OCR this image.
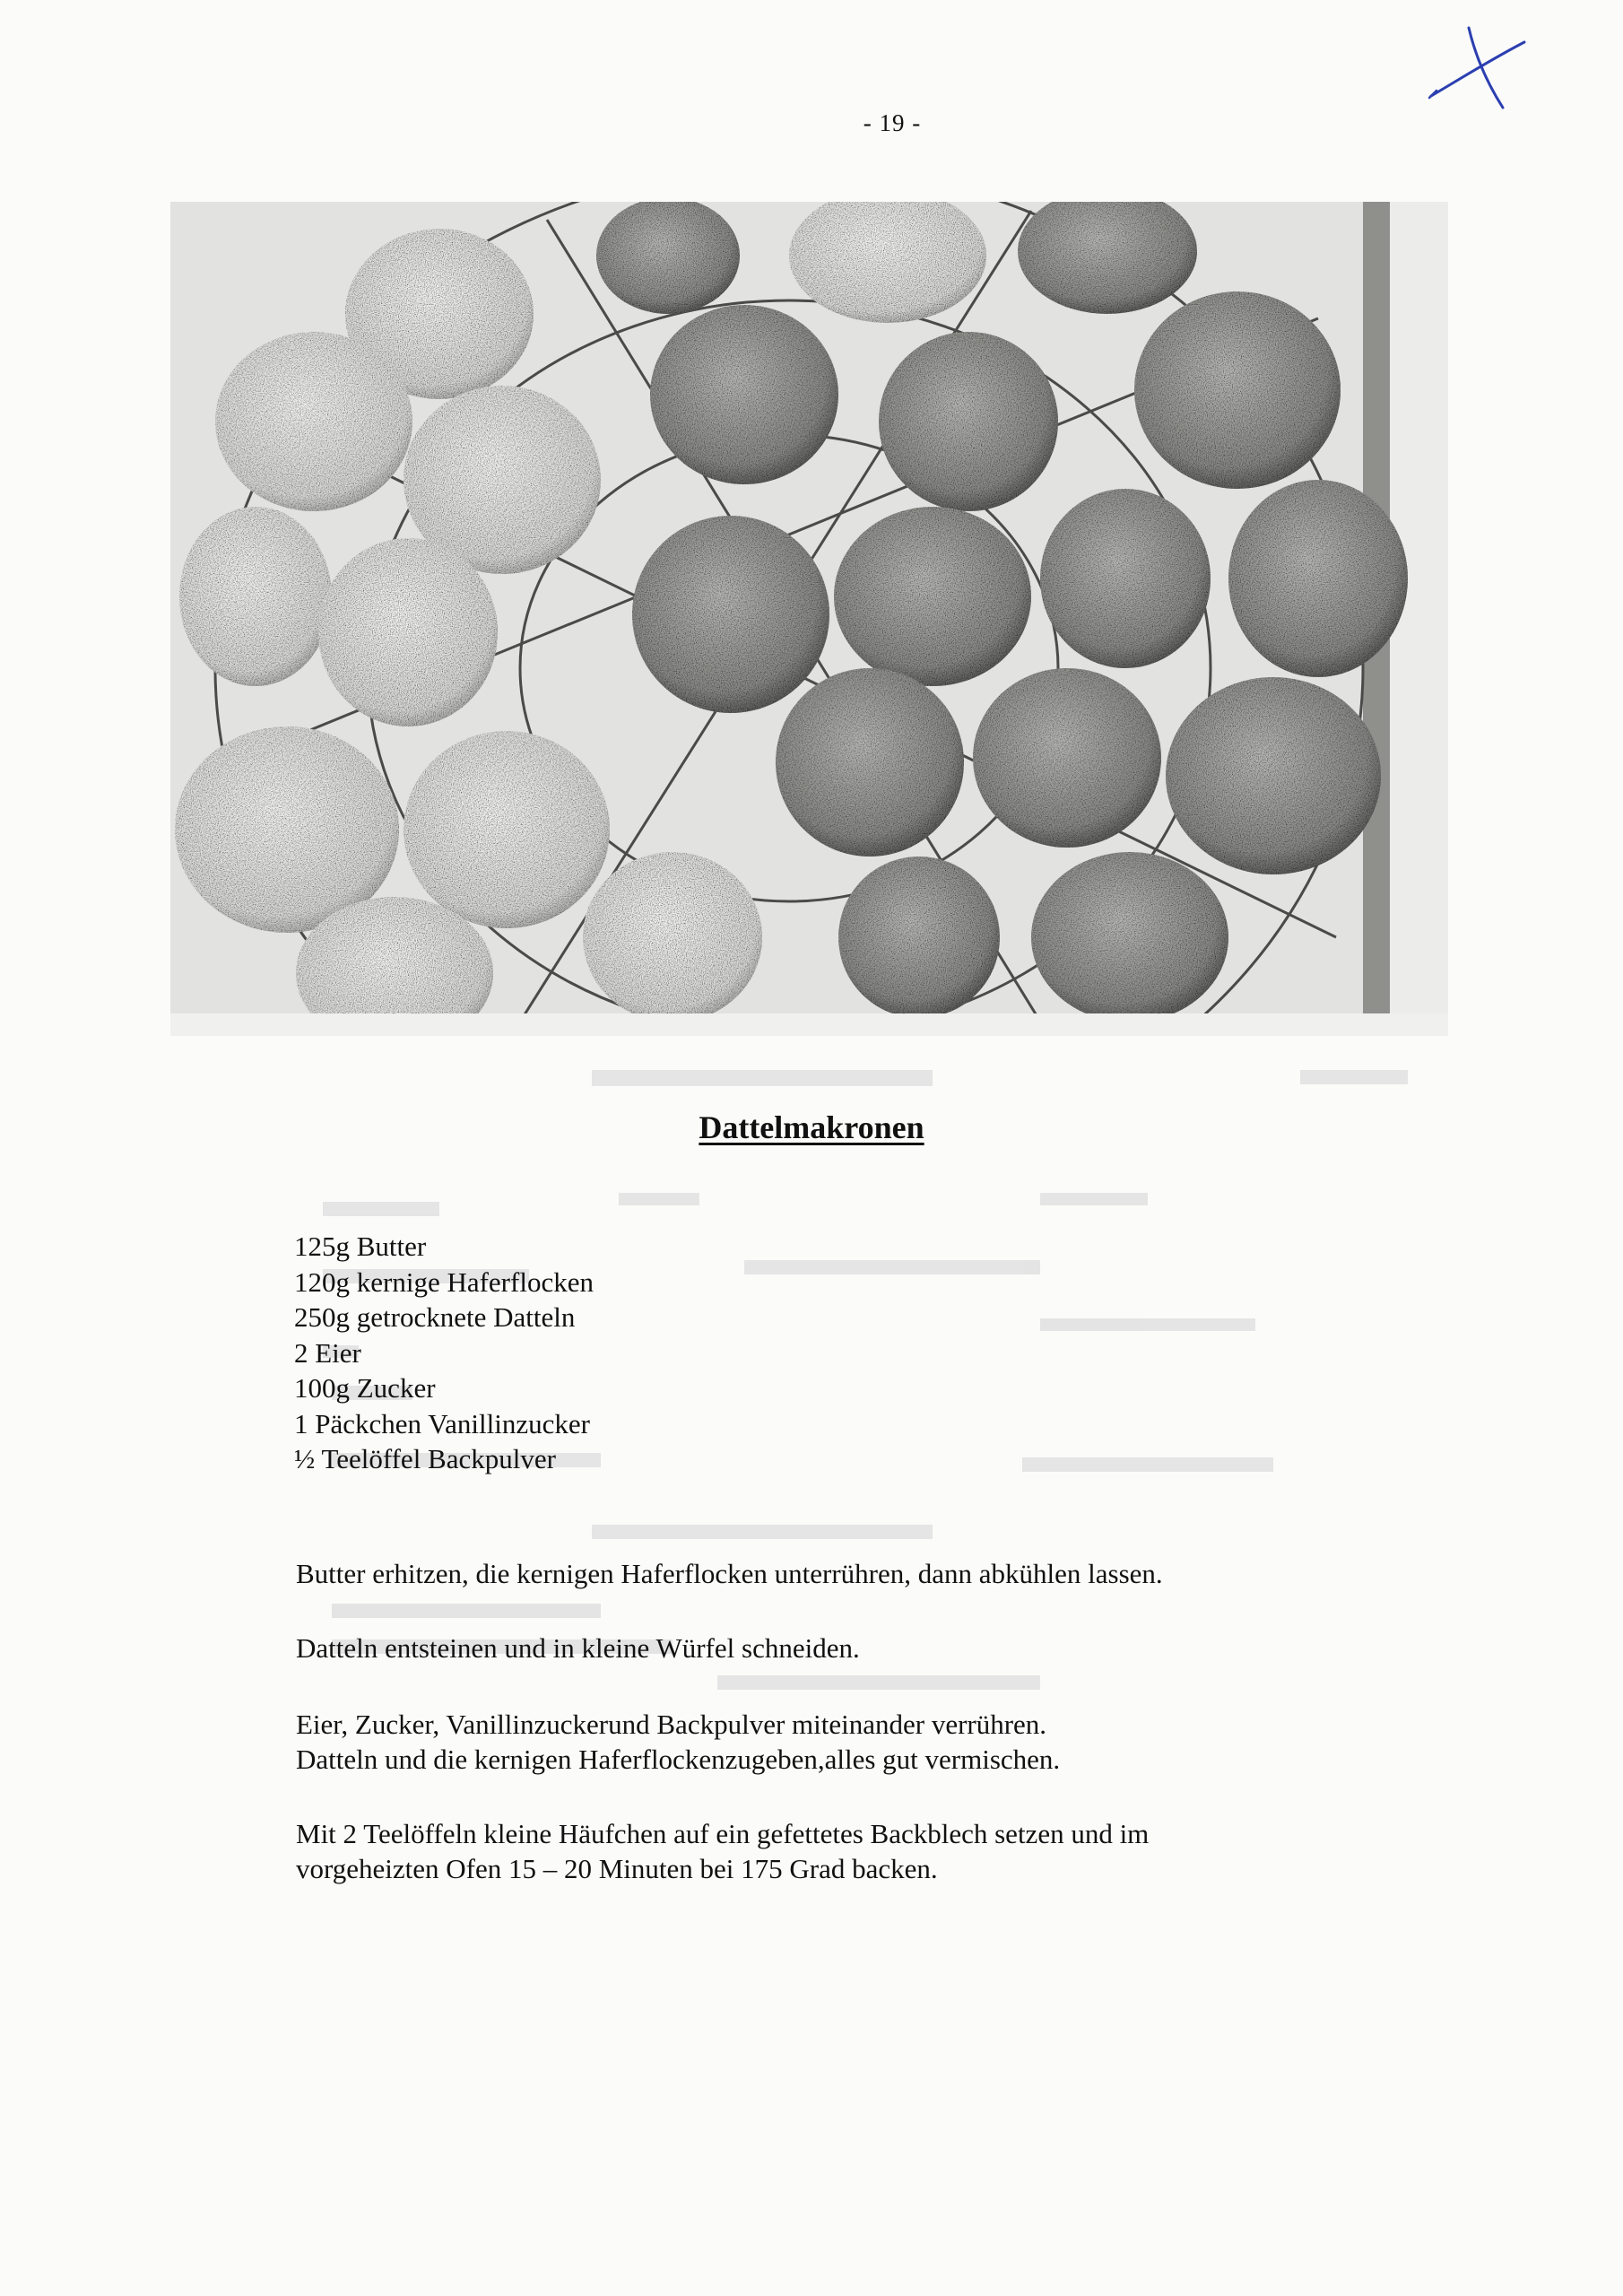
- 19 -
Dattelmakronen
125g Butter
120g kernige Haferflocken
250g getrocknete Datteln
2 Eier
100g Zucker
1 Päckchen Vanillinzucker
½ Teelöffel Backpulver

Butter erhitzen, die kernigen Haferflocken unterrühren, dann abkühlen lassen.

Datteln entsteinen und in kleine Würfel schneiden.

Eier, Zucker, Vanillinzuckerund Backpulver miteinander verrühren.

Datteln und die kernigen Haferflockenzugeben,alles gut vermischen.

Mit 2 Teelöffeln kleine Häufchen auf ein gefettetes Backblech setzen und im

vorgeheizten Ofen 15 – 20 Minuten bei 175 Grad backen.
